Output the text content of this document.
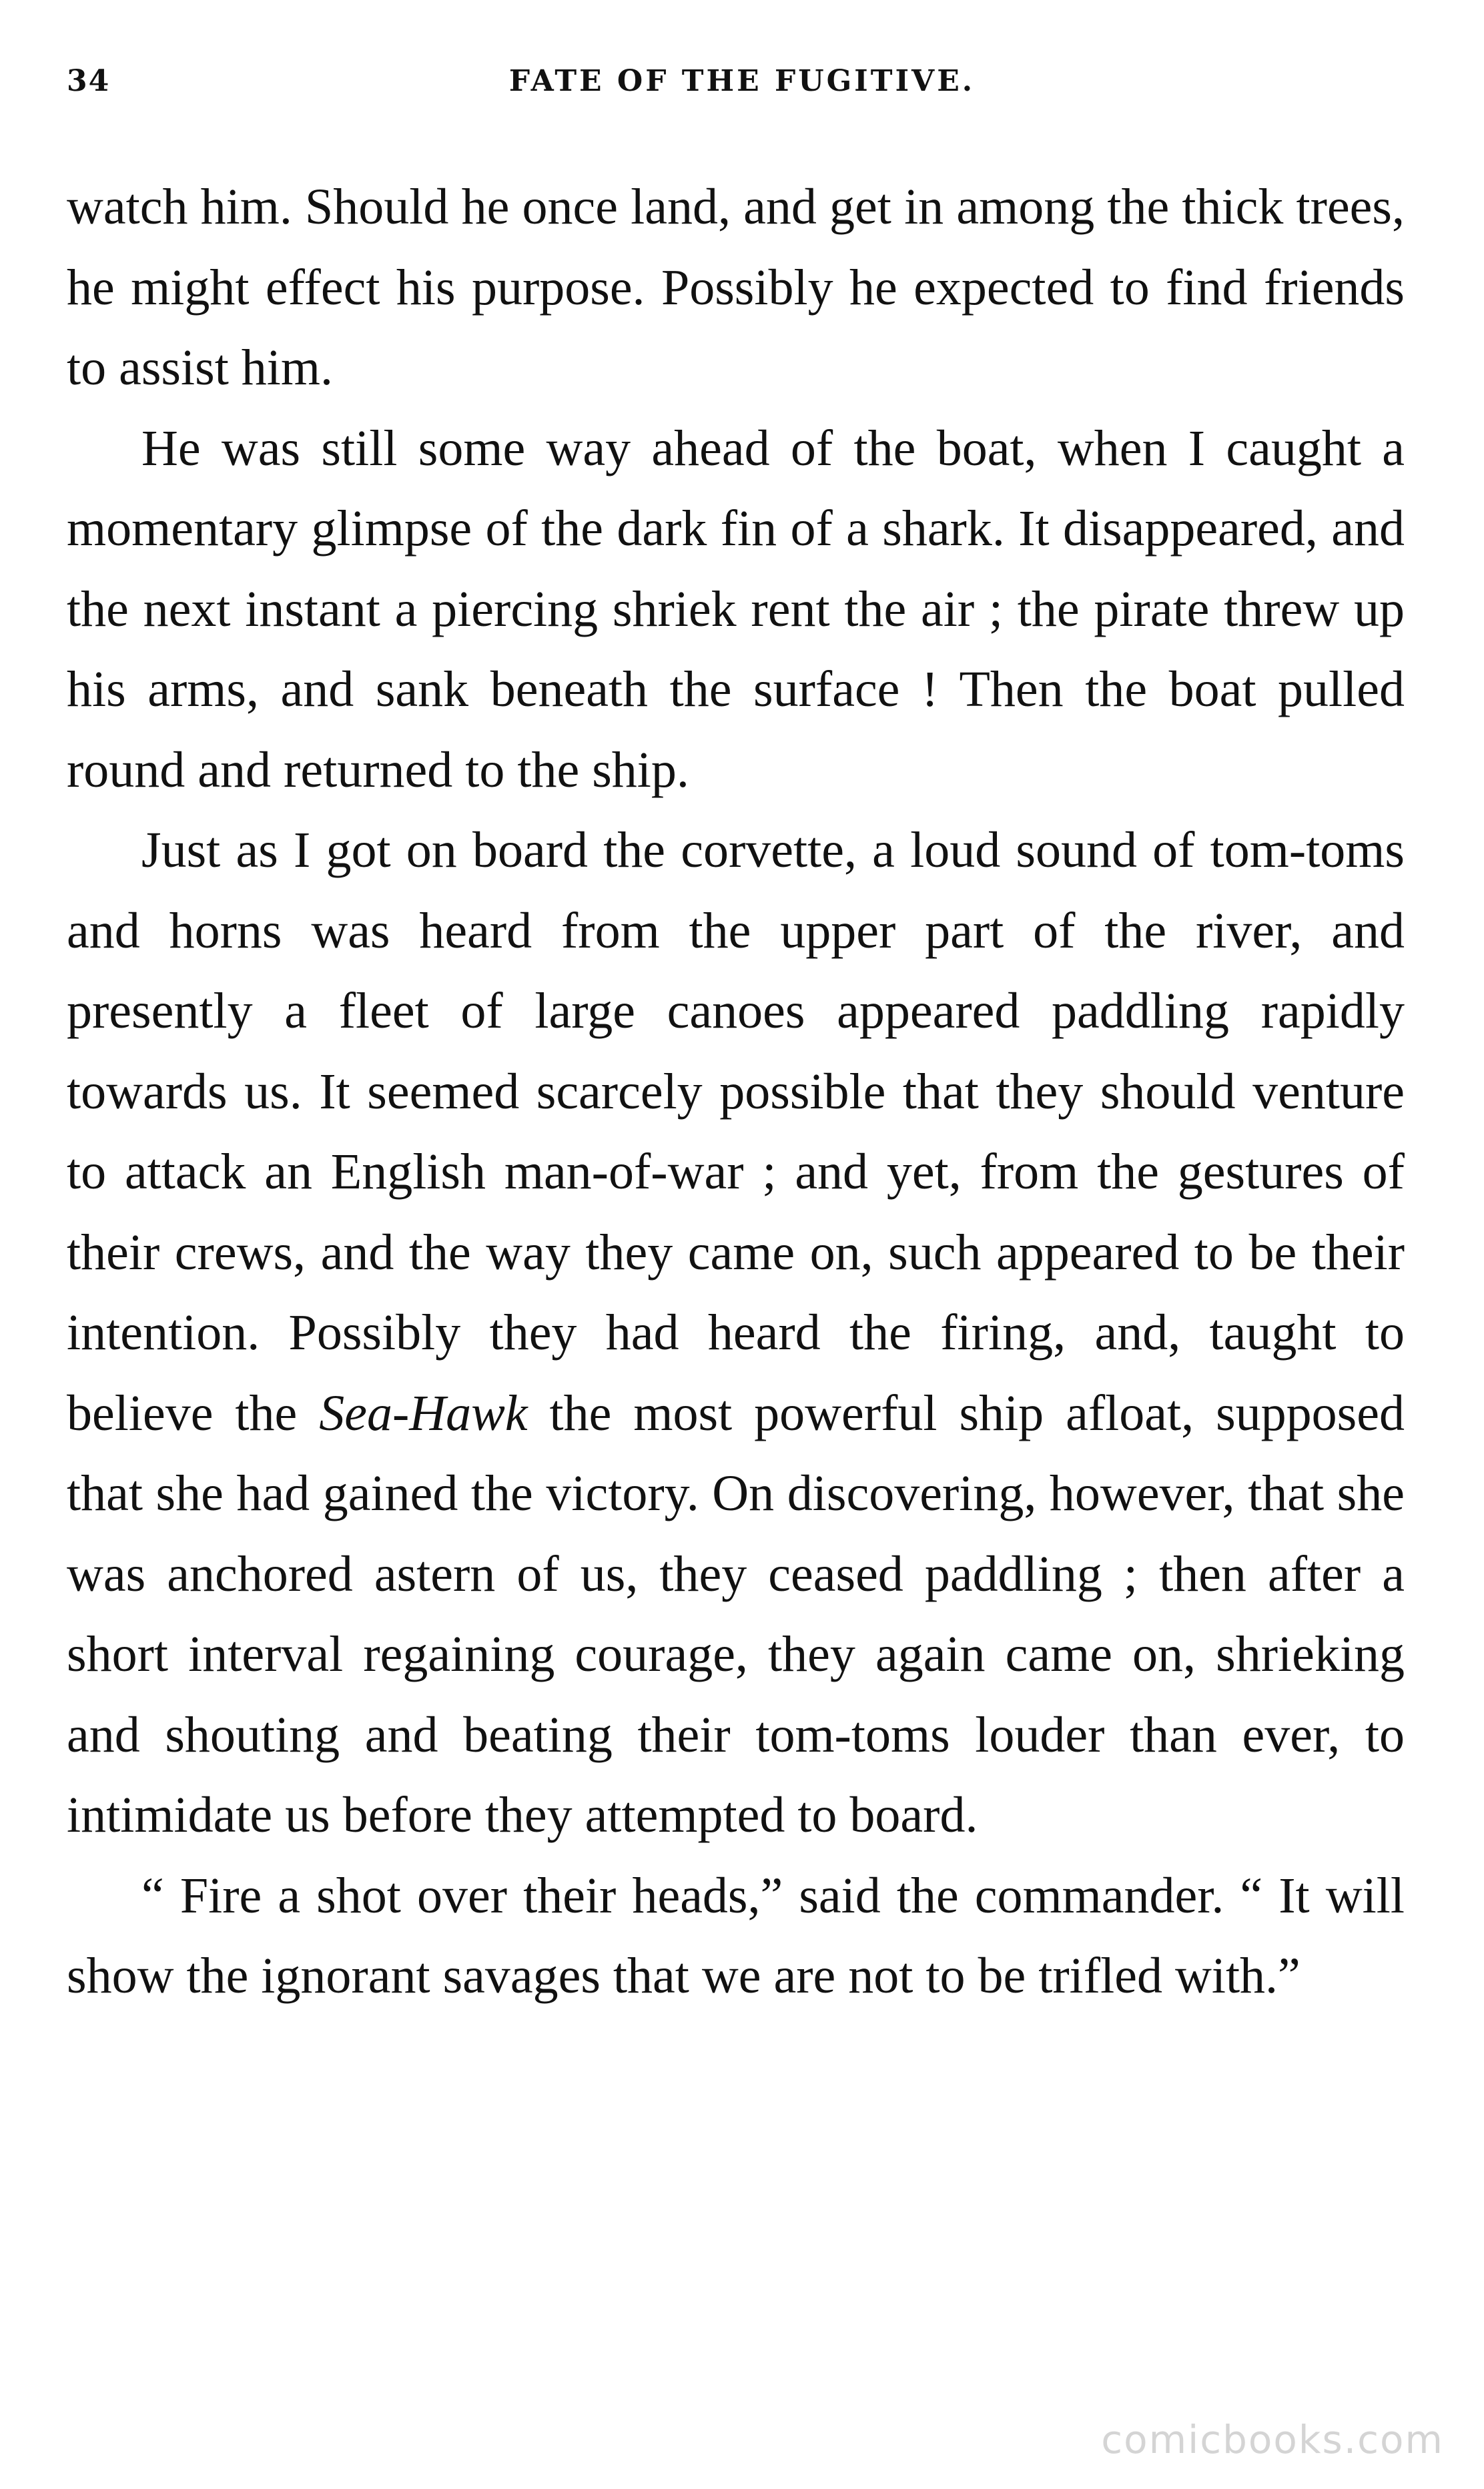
34	FATE OF THE FUGITIVE.

watch him. Should he once land, and get in among the thick trees, he might effect his purpose. Possibly he expected to find friends to assist him.

He was still some way ahead of the boat, when I caught a momentary glimpse of the dark fin of a shark. It disappeared, and the next instant a piercing shriek rent the air ; the pirate threw up his arms, and sank beneath the surface ! Then the boat pulled round and returned to the ship.

Just as I got on board the corvette, a loud sound of tom-toms and horns was heard from the upper part of the river, and presently a fleet of large canoes appeared paddling rapidly towards us. It seemed scarcely possible that they should venture to attack an English man-of-war ; and yet, from the gestures of their crews, and the way they came on, such appeared to be their intention. Possibly they had heard the firing, and, taught to believe the Sea-Hawk the most powerful ship afloat, supposed that she had gained the victory. On discovering, however, that she was anchored astern of us, they ceased paddling ; then after a short interval regaining courage, they again came on, shrieking and shouting and beating their tom-toms louder than ever, to intimidate us before they attempted to board.

“ Fire a shot over their heads,” said the commander. “ It will show the ignorant savages that we are not to be trifled with.”

comicbooks.com
